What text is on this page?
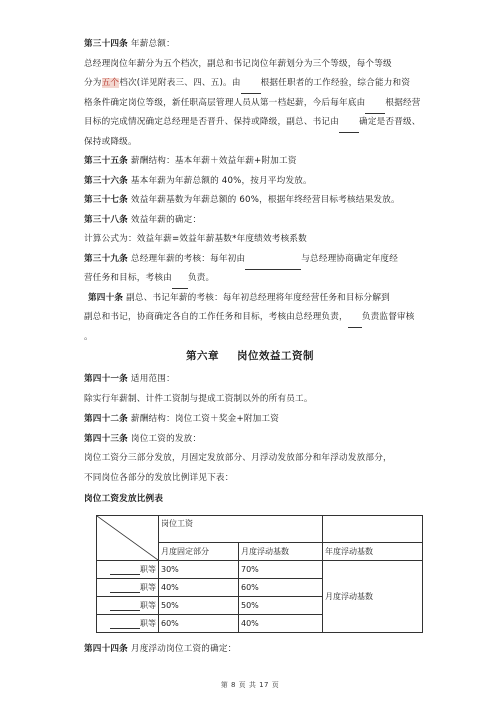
第三十四条 年薪总额：
总经理岗位年薪分为五个档次，副总和书记岗位年薪划分为三个等级，每个等级
分为五个档次(详见附表三、四、五)。由 根据任职者的工作经验，综合能力和资
格条件确定岗位等级，新任职高层管理人员从第一档起薪，今后每年底由 根据经营
目标的完成情况确定总经理是否晋升、保持或降级，副总、书记由 确定是否晋级、
保持或降级。
第三十五条 薪酬结构：基本年薪＋效益年薪+附加工资
第三十六条 基本年薪为年薪总额的 40%，按月平均发放。
第三十七条 效益年薪基数为年薪总额的 60%，根据年终经营目标考核结果发放。
第三十八条 效益年薪的确定：
计算公式为：效益年薪=效益年薪基数*年度绩效考核系数
第三十九条 总经理年薪的考核：每年初由	与总经理协商确定年度经
营任务和目标，考核由 负责。
第四十条 副总、书记年薪的考核：每年初总经理将年度经营任务和目标分解到
副总和书记，协商确定各自的工作任务和目标，考核由总经理负责， 负责监督审核
。
第六章 岗位效益工资制
第四十一条 适用范围：
除实行年薪制、计件工资制与提成工资制以外的所有员工。
第四十二条 薪酬结构：岗位工资＋奖金+附加工资
第四十三条 岗位工资的发放：
岗位工资分三部分发放，月固定发放部分、月浮动发放部分和年浮动发放部分，
不同岗位各部分的发放比例详见下表：
岗位工资发放比例表
	岗位工资		
	月度固定部分	月度浮动基数	年度浮动基数
职等	30%	70%	月度浮动基数
职等	40%	60%	
职等	50%	50%	
职等	60%	40%	
第四十四条 月度浮动岗位工资的确定：
第 8 页 共 17 页
